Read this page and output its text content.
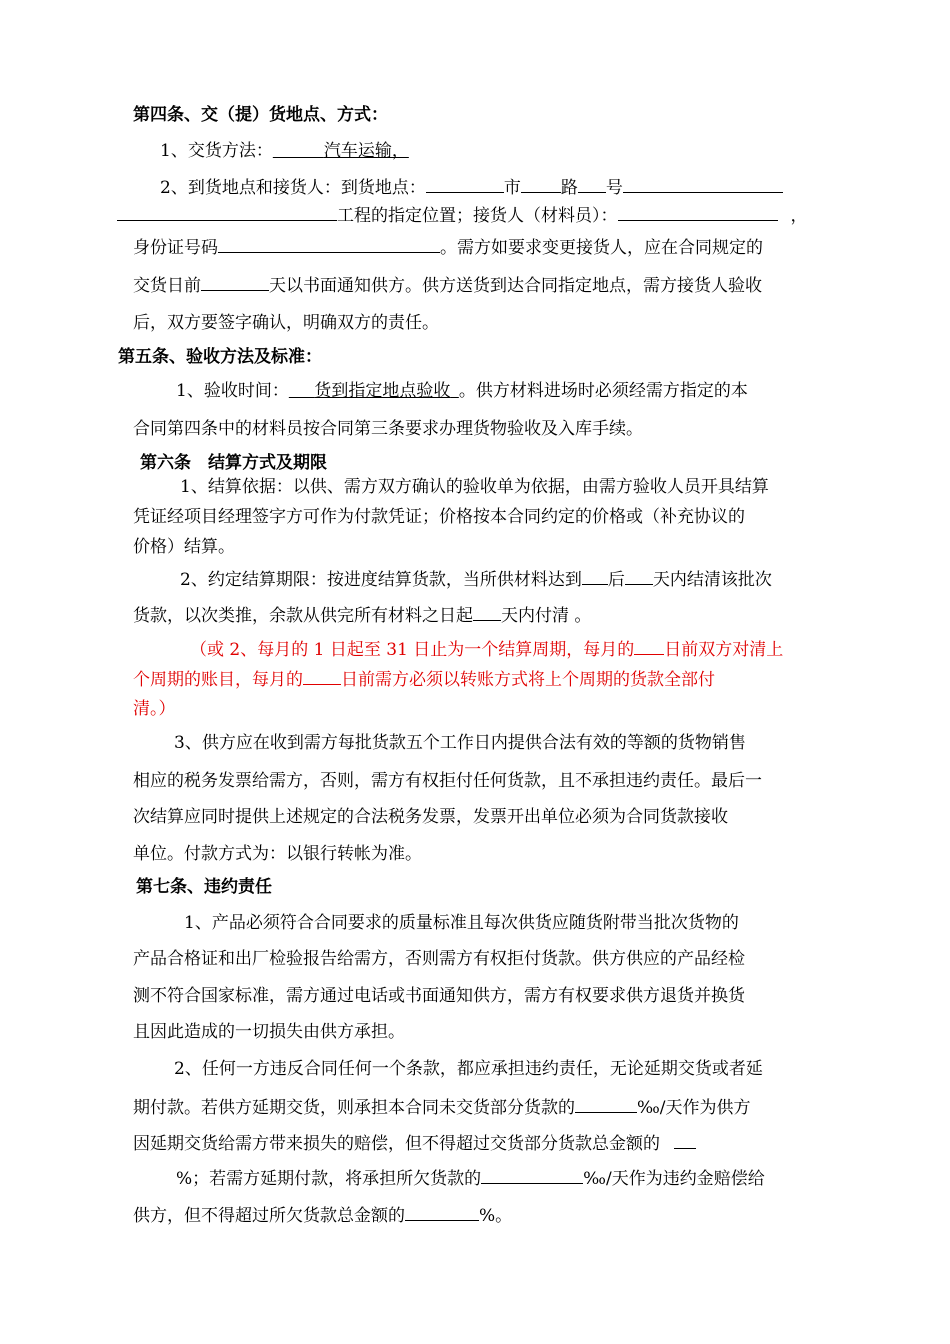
第四条、交（提）货地点、方式：
1、交货方法：   	汽车运输，
2、到货地点和接货人：到货地点：	市 路 号
工程的指定位置；接货人（材料员）：	，
身份证号码	。需方如要求变更接货人，应在合同规定的
交货日前	天以书面通知供方。供方送货到达合同指定地点，需方接货人验收
后，双方要签字确认，明确双方的责任。
第五条、验收方法及标准：
1、验收时间：    货到指定地点验收  。供方材料进场时必须经需方指定的本
合同第四条中的材料员按合同第三条要求办理货物验收及入库手续。
第六条　结算方式及期限
1、结算依据：以供、需方双方确认的验收单为依据，由需方验收人员开具结算
凭证经项目经理签字方可作为付款凭证；价格按本合同约定的价格或（补充协议的
价格）结算。
2、约定结算期限：按进度结算货款，当所供材料达到 后 天内结清该批次
货款，以次类推，余款从供完所有材料之日起 天内付清 。
（或 2、每月的 1 日起至 31 日止为一个结算周期，每月的 日前双方对清上
个周期的账目，每月的 日前需方必须以转账方式将上个周期的货款全部付
清。）
3、供方应在收到需方每批货款五个工作日内提供合法有效的等额的货物销售
相应的税务发票给需方，否则，需方有权拒付任何货款，且不承担违约责任。最后一
次结算应同时提供上述规定的合法税务发票，发票开出单位必须为合同货款接收
单位。付款方式为：以银行转帐为准。
第七条、违约责任
1、产品必须符合合同要求的质量标准且每次供货应随货附带当批次货物的
产品合格证和出厂检验报告给需方，否则需方有权拒付货款。供方供应的产品经检
测不符合国家标准，需方通过电话或书面通知供方，需方有权要求供方退货并换货
且因此造成的一切损失由供方承担。
2、任何一方违反合同任何一个条款，都应承担违约责任，无论延期交货或者延
期付款。若供方延期交货，则承担本合同未交货部分货款的	‰/天作为供方
因延期交货给需方带来损失的赔偿，但不得超过交货部分货款总金额的
%；若需方延期付款，将承担所欠货款的	‰/天作为违约金赔偿给
供方，但不得超过所欠货款总金额的	%。
